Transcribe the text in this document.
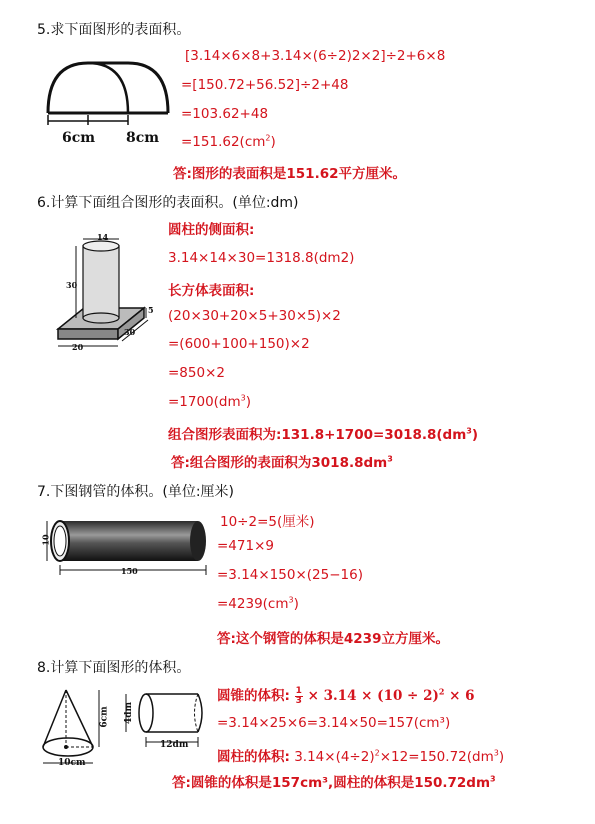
5.求下面图形的表面积。
6cm 8cm
[3.14×6×8+3.14×(6÷2)2×2]÷2+6×8
=[150.72+56.52]÷2+48
=103.62+48
$=151.62(cm^2)$
答:图形的表面积是151.62平方厘米。
6.计算下面组合图形的表面积。(单位:dm)
14
30
5
30
20
圆柱的侧面积:
3.14×14×30=1318.8(dm2)
长方体表面积:
(20×30+20×5+30×5)×2
=(600+100+150)×2
=850×2
$=1700(dm^3)$
组合图形表面积为$:131.8+1700=3018.8(dm^3)$
答:组合图形的表面积为$3018.8dm^3$
7.下图钢管的体积。(单位:厘米)
10
150
10÷2=5(厘米)
=471×9
=3.14×150×(25−16)
$=4239(cm^3)$
答:这个钢管的体积是4239立方厘米。
8.计算下面图形的体积。
6cm
10cm
4dm
12dm
圆锥的体积: $\frac{1}{3} \times 3.14 \times (10 \div 2)^2 \times 6$
=3.14×25×6=3.14×50=157(cm³)
圆柱的体积: $3.14\times(4\div 2)^2\times 12=150.72(dm^3)$
答:圆锥的体积是157cm³,圆柱的体积是$150.72dm^3$
